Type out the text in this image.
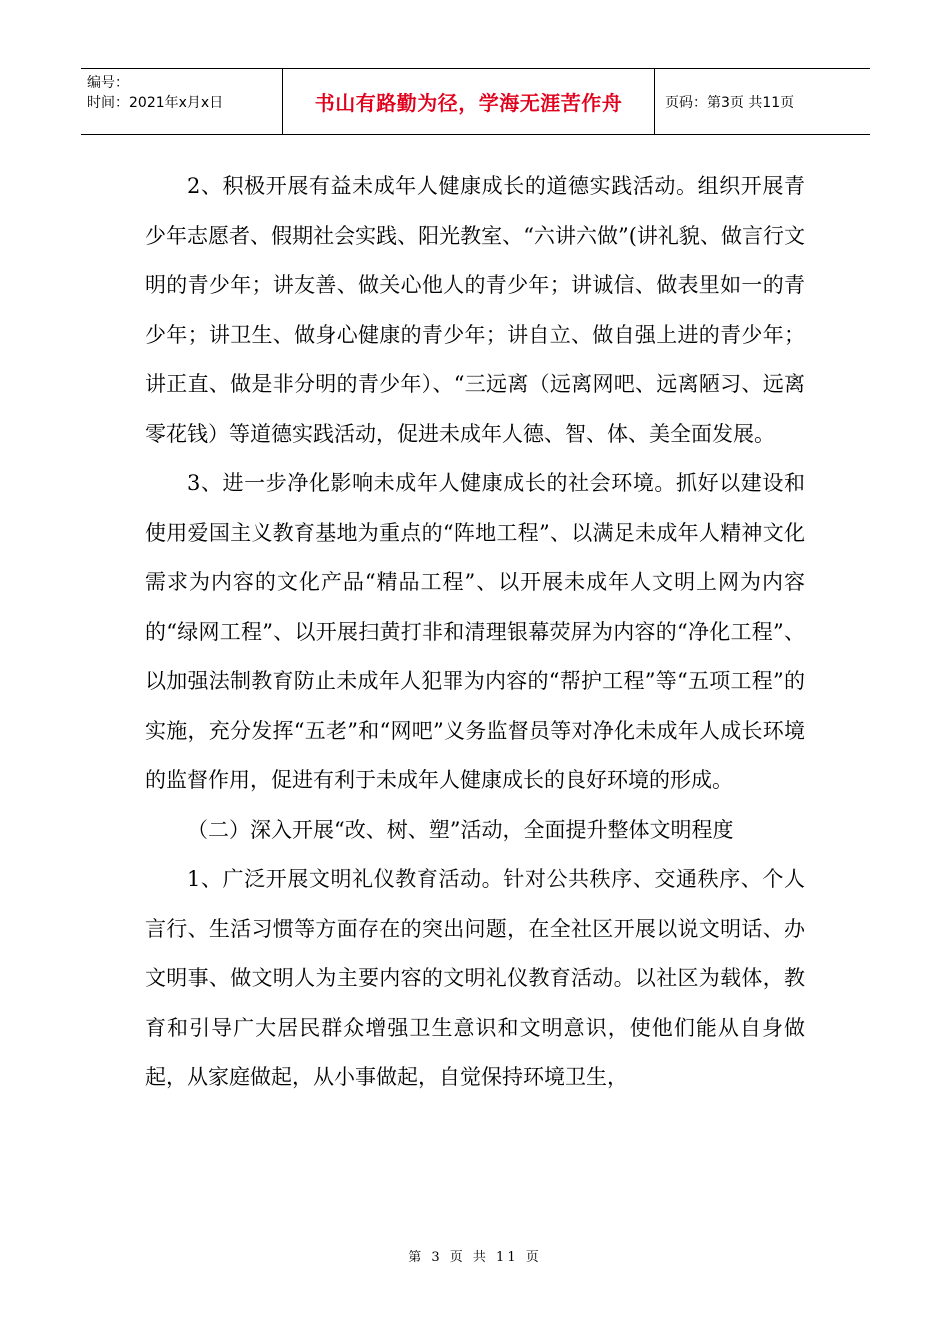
编号：
时间：2021年x月x日	书山有路勤为径，学海无涯苦作舟	页码：第3页 共11页

2、积极开展有益未成年人健康成长的道德实践活动。组织开展青少年志愿者、假期社会实践、阳光教室、“六讲六做”(讲礼貌、做言行文明的青少年；讲友善、做关心他人的青少年；讲诚信、做表里如一的青少年；讲卫生、做身心健康的青少年；讲自立、做自强上进的青少年；讲正直、做是非分明的青少年）、“三远离（远离网吧、远离陋习、远离零花钱）等道德实践活动，促进未成年人德、智、体、美全面发展。

3、进一步净化影响未成年人健康成长的社会环境。抓好以建设和使用爱国主义教育基地为重点的“阵地工程”、以满足未成年人精神文化需求为内容的文化产品“精品工程”、以开展未成年人文明上网为内容的“绿网工程”、以开展扫黄打非和清理银幕荧屏为内容的“净化工程”、以加强法制教育防止未成年人犯罪为内容的“帮护工程”等“五项工程”的实施，充分发挥“五老”和“网吧”义务监督员等对净化未成年人成长环境的监督作用，促进有利于未成年人健康成长的良好环境的形成。

（二）深入开展“改、树、塑”活动，全面提升整体文明程度

1、广泛开展文明礼仪教育活动。针对公共秩序、交通秩序、个人言行、生活习惯等方面存在的突出问题，在全社区开展以说文明话、办文明事、做文明人为主要内容的文明礼仪教育活动。以社区为载体，教育和引导广大居民群众增强卫生意识和文明意识，使他们能从自身做起，从家庭做起，从小事做起，自觉保持环境卫生，

第 3 页 共 11 页
